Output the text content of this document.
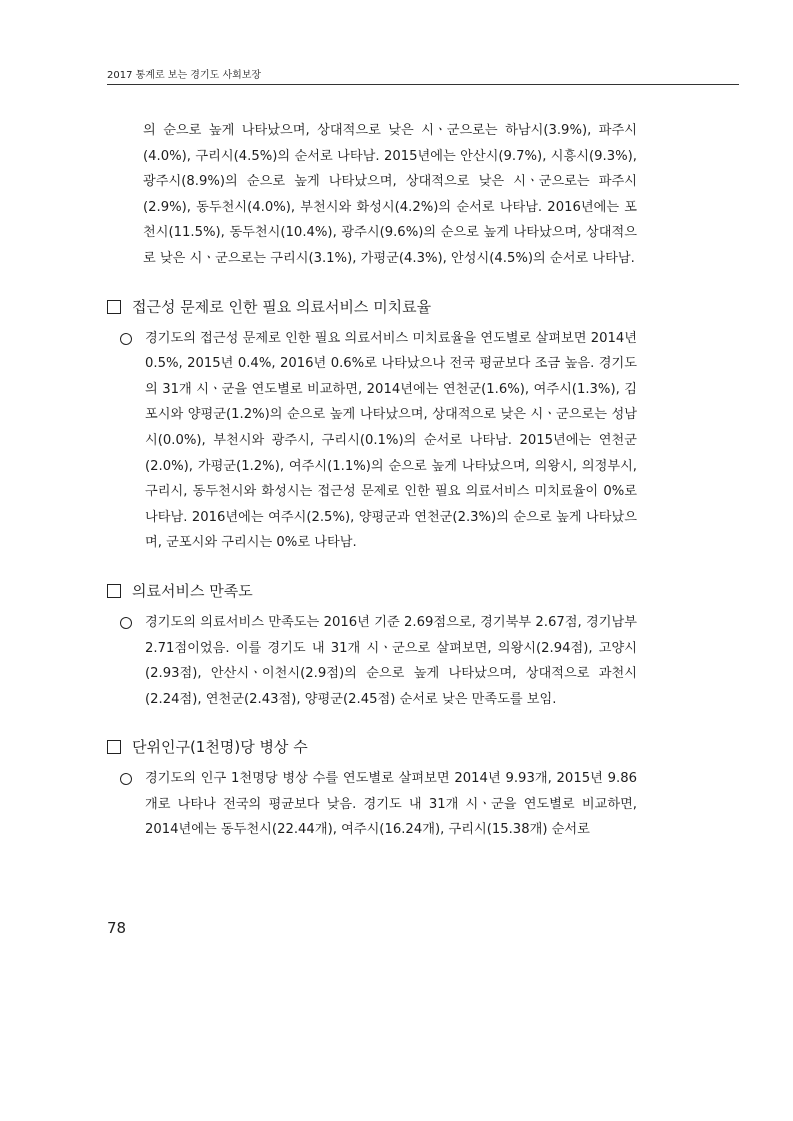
2017 통계로 보는 경기도 사회보장

의 순으로 높게 나타났으며, 상대적으로 낮은 시ㆍ군으로는 하남시(3.9%), 파주시(4.0%), 구리시(4.5%)의 순서로 나타남. 2015년에는 안산시(9.7%), 시흥시(9.3%), 광주시(8.9%)의 순으로 높게 나타났으며, 상대적으로 낮은 시ㆍ군으로는 파주시(2.9%), 동두천시(4.0%), 부천시와 화성시(4.2%)의 순서로 나타남. 2016년에는 포천시(11.5%), 동두천시(10.4%), 광주시(9.6%)의 순으로 높게 나타났으며, 상대적으로 낮은 시ㆍ군으로는 구리시(3.1%), 가평군(4.3%), 안성시(4.5%)의 순서로 나타남.

접근성 문제로 인한 필요 의료서비스 미치료율

경기도의 접근성 문제로 인한 필요 의료서비스 미치료율을 연도별로 살펴보면 2014년 0.5%, 2015년 0.4%, 2016년 0.6%로 나타났으나 전국 평균보다 조금 높음. 경기도의 31개 시ㆍ군을 연도별로 비교하면, 2014년에는 연천군(1.6%), 여주시(1.3%), 김포시와 양평군(1.2%)의 순으로 높게 나타났으며, 상대적으로 낮은 시ㆍ군으로는 성남시(0.0%), 부천시와 광주시, 구리시(0.1%)의 순서로 나타남. 2015년에는 연천군(2.0%), 가평군(1.2%), 여주시(1.1%)의 순으로 높게 나타났으며, 의왕시, 의정부시, 구리시, 동두천시와 화성시는 접근성 문제로 인한 필요 의료서비스 미치료율이 0%로 나타남. 2016년에는 여주시(2.5%), 양평군과 연천군(2.3%)의 순으로 높게 나타났으며, 군포시와 구리시는 0%로 나타남.

의료서비스 만족도

경기도의 의료서비스 만족도는 2016년 기준 2.69점으로, 경기북부 2.67점, 경기남부 2.71점이었음. 이를 경기도 내 31개 시ㆍ군으로 살펴보면, 의왕시(2.94점), 고양시(2.93점), 안산시ㆍ이천시(2.9점)의 순으로 높게 나타났으며, 상대적으로 과천시(2.24점), 연천군(2.43점), 양평군(2.45점) 순서로 낮은 만족도를 보임.

단위인구(1천명)당 병상 수

경기도의 인구 1천명당 병상 수를 연도별로 살펴보면 2014년 9.93개, 2015년 9.86개로 나타나 전국의 평균보다 낮음. 경기도 내 31개 시ㆍ군을 연도별로 비교하면, 2014년에는 동두천시(22.44개), 여주시(16.24개), 구리시(15.38개) 순서로

78
